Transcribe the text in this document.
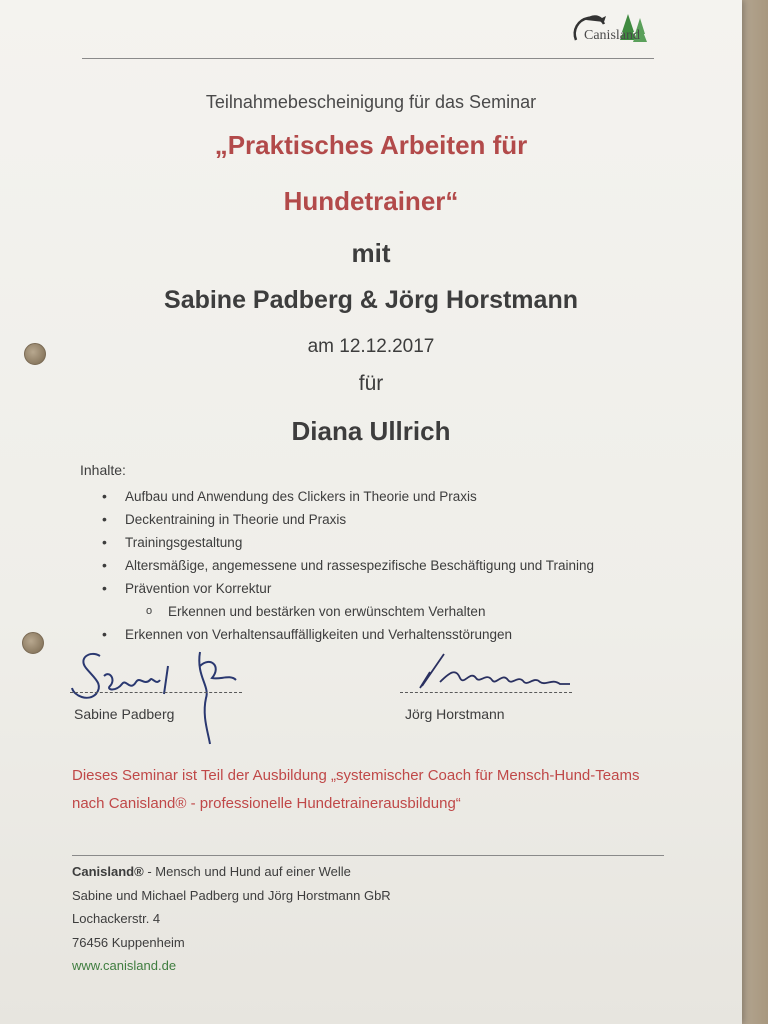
Canisland
Teilnahmebescheinigung für das Seminar
„Praktisches Arbeiten für
Hundetrainer“
mit
Sabine Padberg & Jörg Horstmann
am 12.12.2017
für
Diana Ullrich
Inhalte:
• Aufbau und Anwendung des Clickers in Theorie und Praxis
• Deckentraining in Theorie und Praxis
• Trainingsgestaltung
• Altersmäßige, angemessene und rassespezifische Beschäftigung und Training
• Prävention vor Korrektur
o Erkennen und bestärken von erwünschtem Verhalten
• Erkennen von Verhaltensauffälligkeiten und Verhaltensstörungen
Sabine Padberg	Jörg Horstmann
Dieses Seminar ist Teil der Ausbildung „systemischer Coach für Mensch-Hund-Teams nach Canisland® - professionelle Hundetrainerausbildung“
Canisland® - Mensch und Hund auf einer Welle
Sabine und Michael Padberg und Jörg Horstmann GbR
Lochackerstr. 4
76456 Kuppenheim
www.canisland.de
